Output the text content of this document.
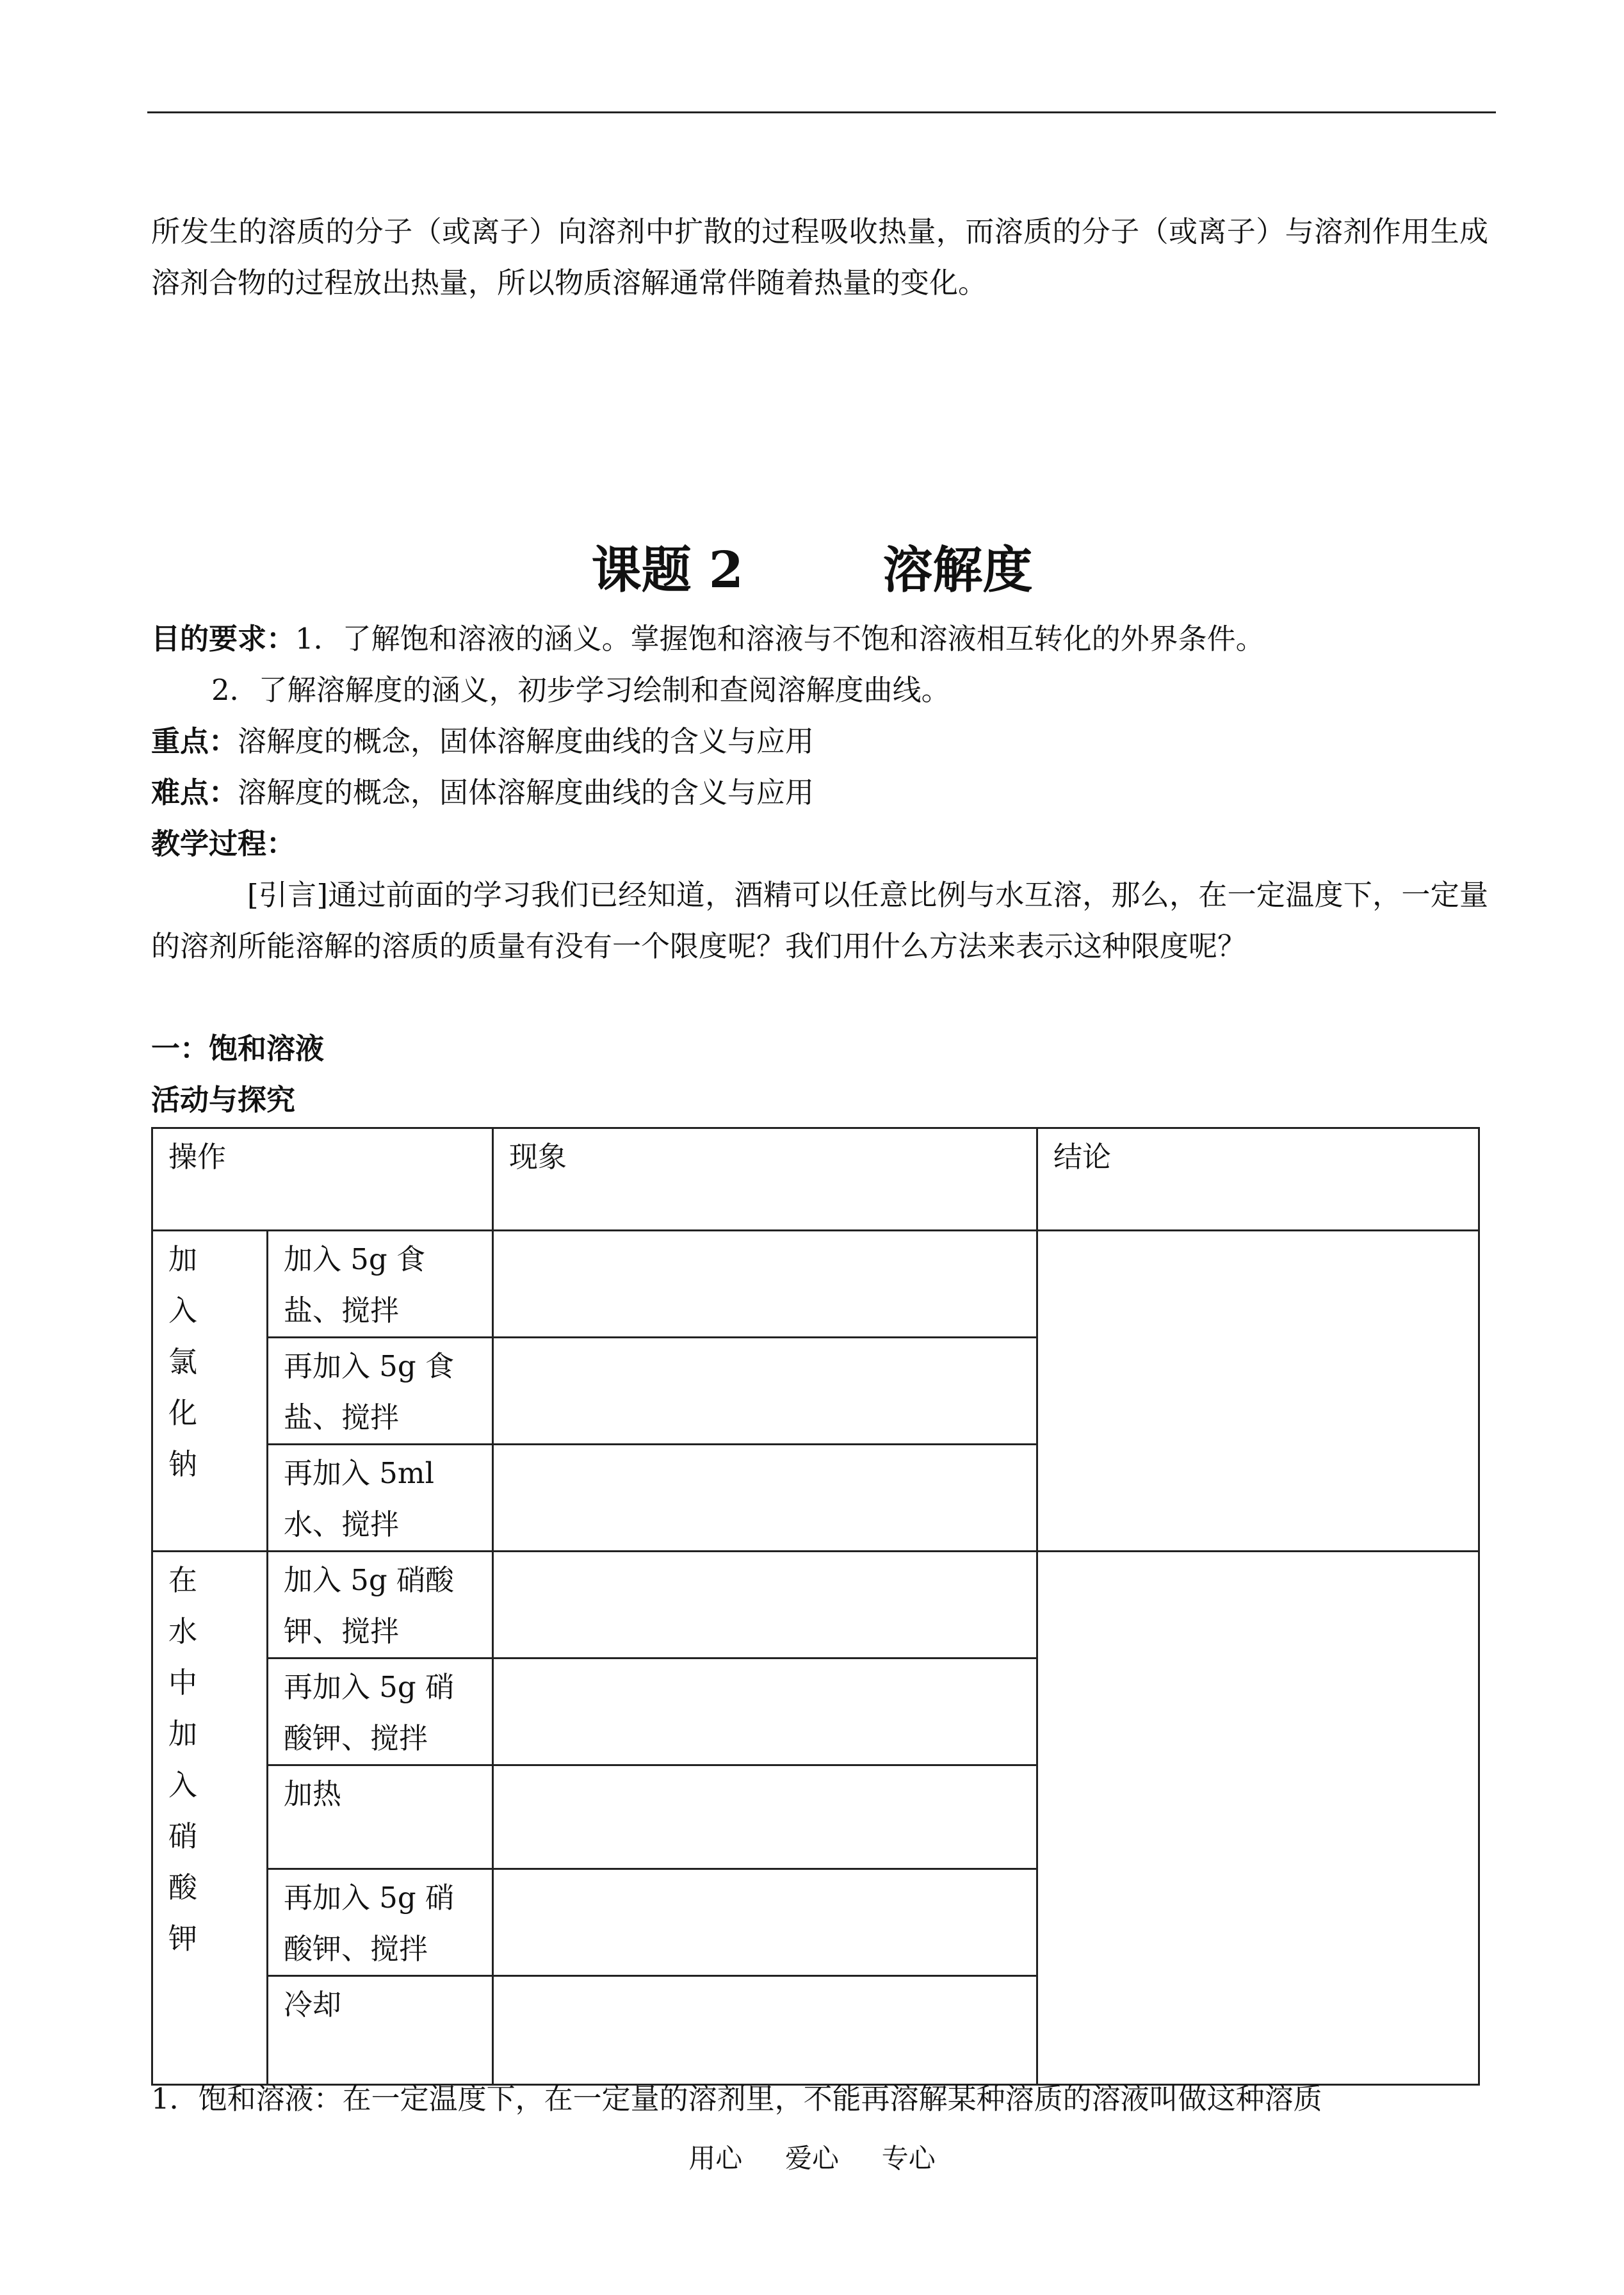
所发生的溶质的分子（或离子）向溶剂中扩散的过程吸收热量，而溶质的分子（或离子）与溶剂作用生成溶剂合物的过程放出热量，所以物质溶解通常伴随着热量的变化。

课题 2        溶解度

目的要求：1．了解饱和溶液的涵义。掌握饱和溶液与不饱和溶液相互转化的外界条件。

2．了解溶解度的涵义，初步学习绘制和查阅溶解度曲线。

重点：溶解度的概念，固体溶解度曲线的含义与应用

难点：溶解度的概念，固体溶解度曲线的含义与应用

教学过程：

[引言]通过前面的学习我们已经知道，酒精可以任意比例与水互溶，那么，在一定温度下，一定量的溶剂所能溶解的溶质的质量有没有一个限度呢？我们用什么方法来表示这种限度呢？

一：饱和溶液

活动与探究

操作		现象	结论

加入氯化钠	加入 5g 食盐、搅拌		
	再加入 5g 食盐、搅拌		
	再加入 5ml 水、搅拌		

在水中加入硝酸钾	加入 5g 硝酸钾、搅拌		
	再加入 5g 硝酸钾、搅拌		
	加热		
	再加入 5g 硝酸钾、搅拌		
	冷却		

1．饱和溶液：在一定温度下，在一定量的溶剂里，不能再溶解某种溶质的溶液叫做这种溶质

用心     爱心     专心
